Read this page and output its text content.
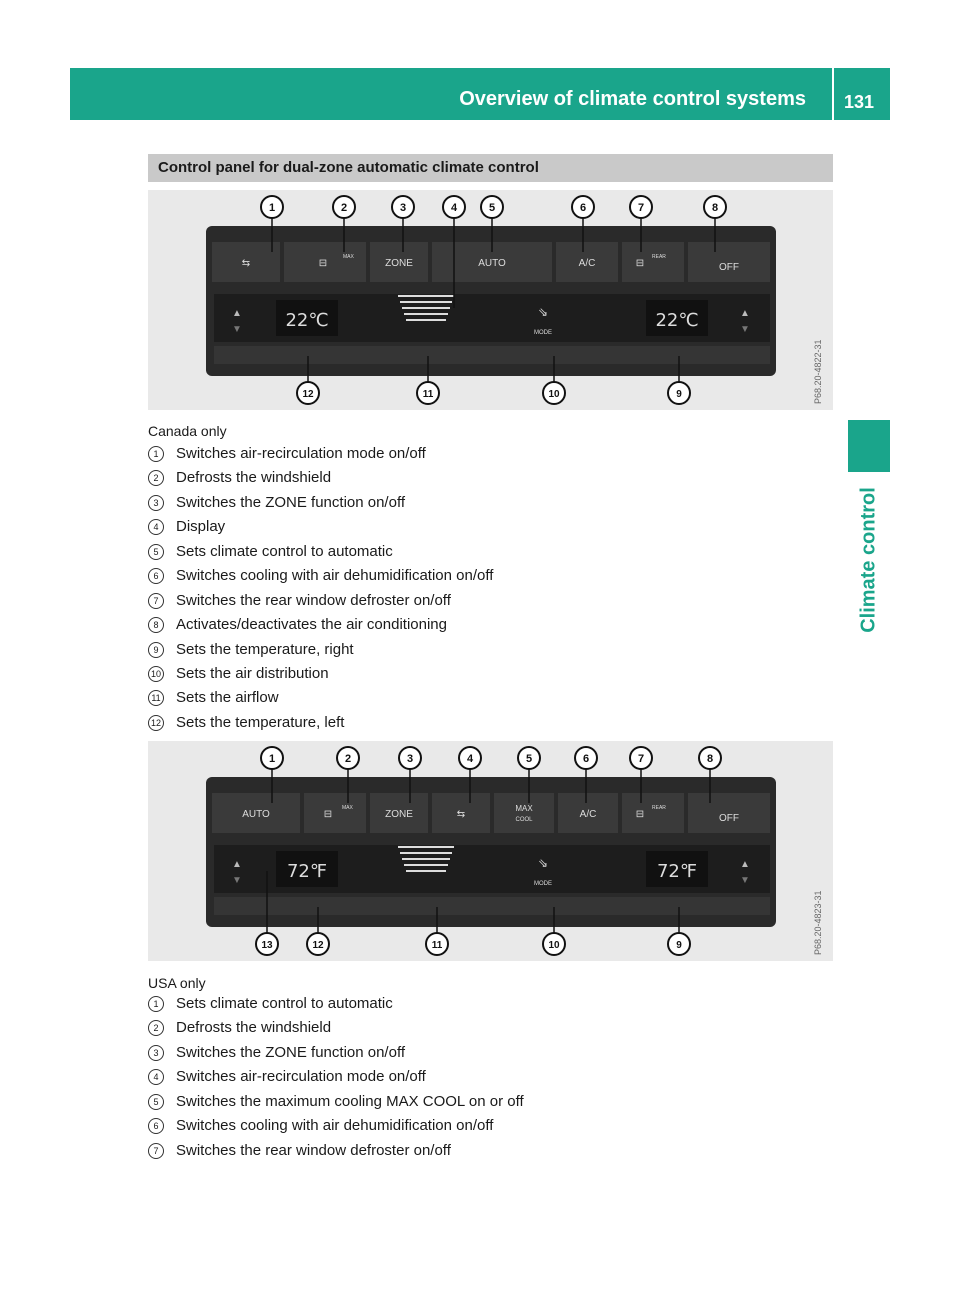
Overview of climate control systems 131
Climate control
Control panel for dual-zone automatic climate control
⇆	⊟
MAX
ZONE	AUTO	A/C	⊟
REAR
OFF
22℃	22℃
MODE
⇘
▲
▼
▲
▼
1	2	3	4	5	6	7	8
12	11	10	9	P68.20-4822-31
Canada only
1 Switches air-recirculation mode on/off
2 Defrosts the windshield
3 Switches the ZONE function on/off
4 Display
5 Sets climate control to automatic
6 Switches cooling with air dehumidification on/off
7 Switches the rear window defroster on/off
8 Activates/deactivates the air conditioning
9 Sets the temperature, right
10 Sets the air distribution
11 Sets the airflow
12 Sets the temperature, left
AUTO	⊟
MAX
ZONE	⇆
MAX
COOL	A/C	⊟
REAR
OFF
72℉	72℉
MODE
⇘
▲
▼
▲
▼
1	2	3	4	5	6	7	8
13	12	11	10	9	P68.20-4823-31
USA only
1 Sets climate control to automatic
2 Defrosts the windshield
3 Switches the ZONE function on/off
4 Switches air-recirculation mode on/off
5 Switches the maximum cooling MAX COOL on or off
6 Switches cooling with air dehumidification on/off
7 Switches the rear window defroster on/off
